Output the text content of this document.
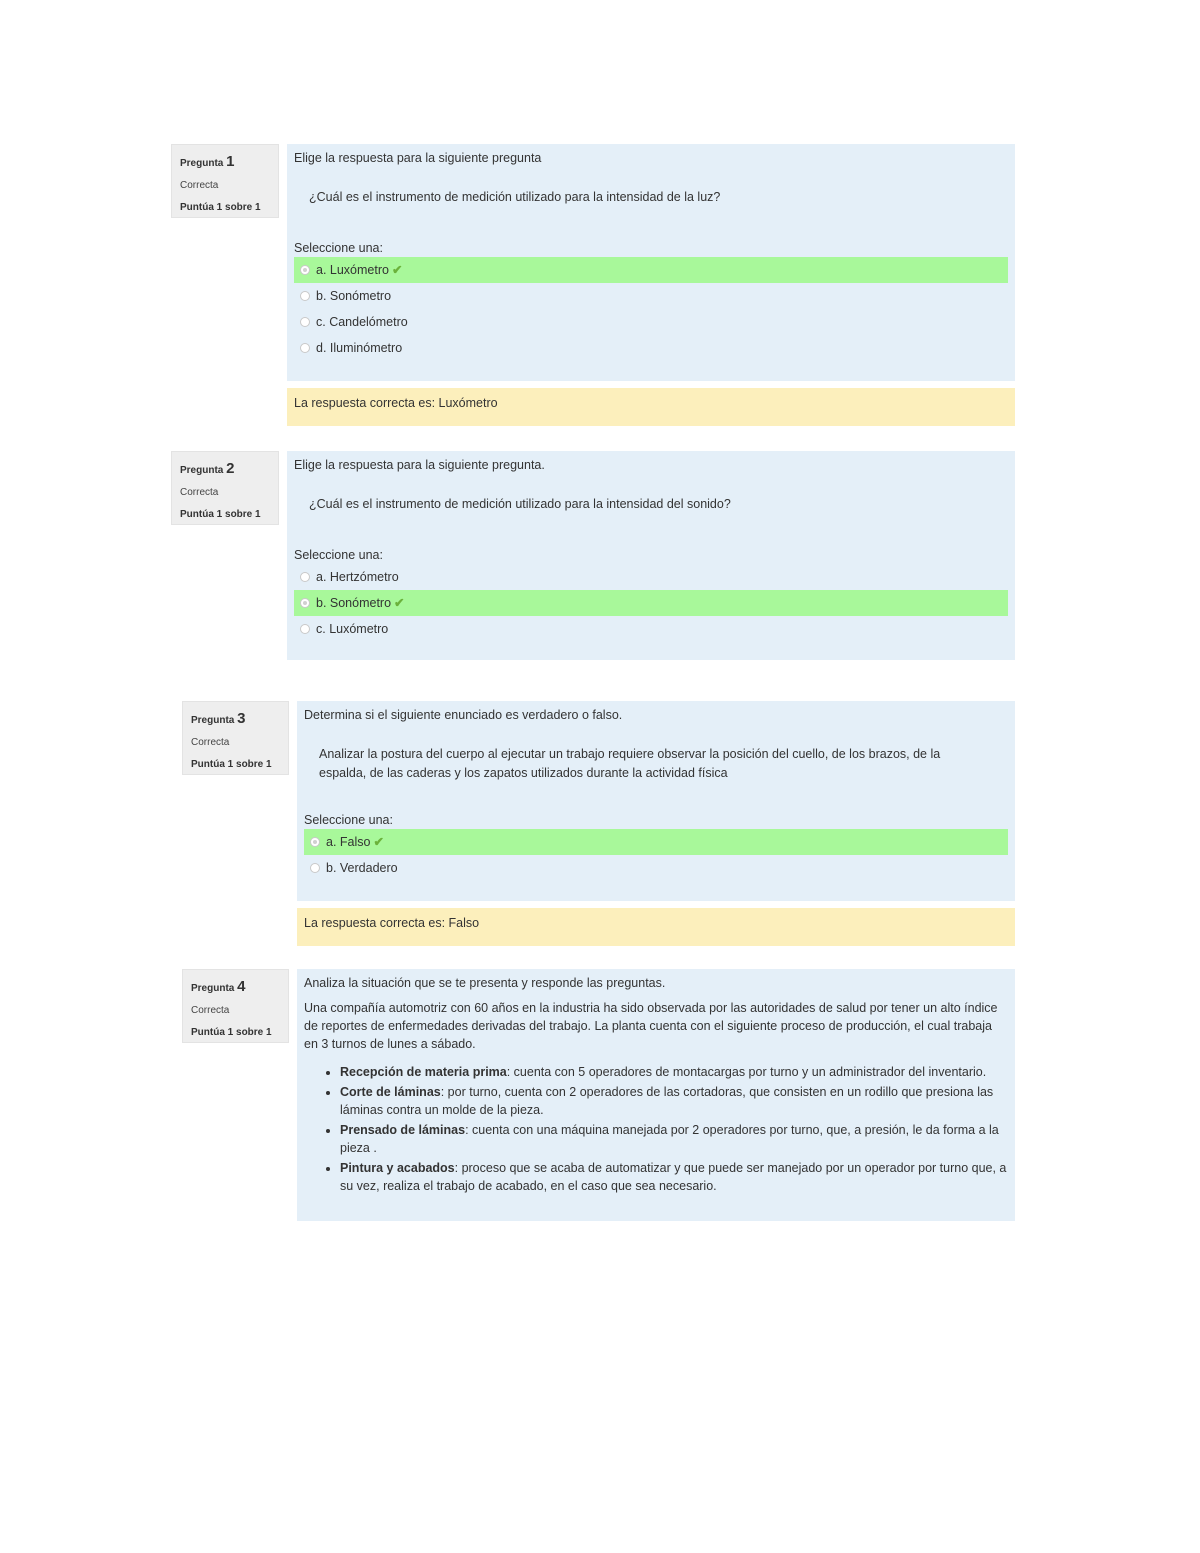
Pregunta 1
Correcta
Puntúa 1 sobre 1

Elige la respuesta para la siguiente pregunta

¿Cuál es el instrumento de medición utilizado para la intensidad de la luz?

Seleccione una:
a. Luxómetro ✔
b. Sonómetro
c. Candelómetro
d. Iluminómetro
La respuesta correcta es: Luxómetro
Pregunta 2
Correcta
Puntúa 1 sobre 1

Elige la respuesta para la siguiente pregunta.

¿Cuál es el instrumento de medición utilizado para la intensidad del sonido?

Seleccione una:
a. Hertzómetro
b. Sonómetro ✔
c. Luxómetro
Pregunta 3
Correcta
Puntúa 1 sobre 1

Determina si el siguiente enunciado es verdadero o falso.

Analizar la postura del cuerpo al ejecutar un trabajo requiere observar la posición del cuello, de los brazos, de la espalda, de las caderas y los zapatos utilizados durante la actividad física

Seleccione una:
a. Falso ✔
b. Verdadero
La respuesta correcta es: Falso
Pregunta 4
Correcta
Puntúa 1 sobre 1

Analiza la situación que se te presenta y responde las preguntas.

Una compañía automotriz con 60 años en la industria ha sido observada por las autoridades de salud por tener un alto índice de reportes de enfermedades derivadas del trabajo. La planta cuenta con el siguiente proceso de producción, el cual trabaja en 3 turnos de lunes a sábado.

• Recepción de materia prima: cuenta con 5 operadores de montacargas por turno y un administrador del inventario.
• Corte de láminas: por turno, cuenta con 2 operadores de las cortadoras, que consisten en un rodillo que presiona las láminas contra un molde de la pieza.
• Prensado de láminas: cuenta con una máquina manejada por 2 operadores por turno, que, a presión, le da forma a la pieza .
• Pintura y acabados: proceso que se acaba de automatizar y que puede ser manejado por un operador por turno que, a su vez, realiza el trabajo de acabado, en el caso que sea necesario.
